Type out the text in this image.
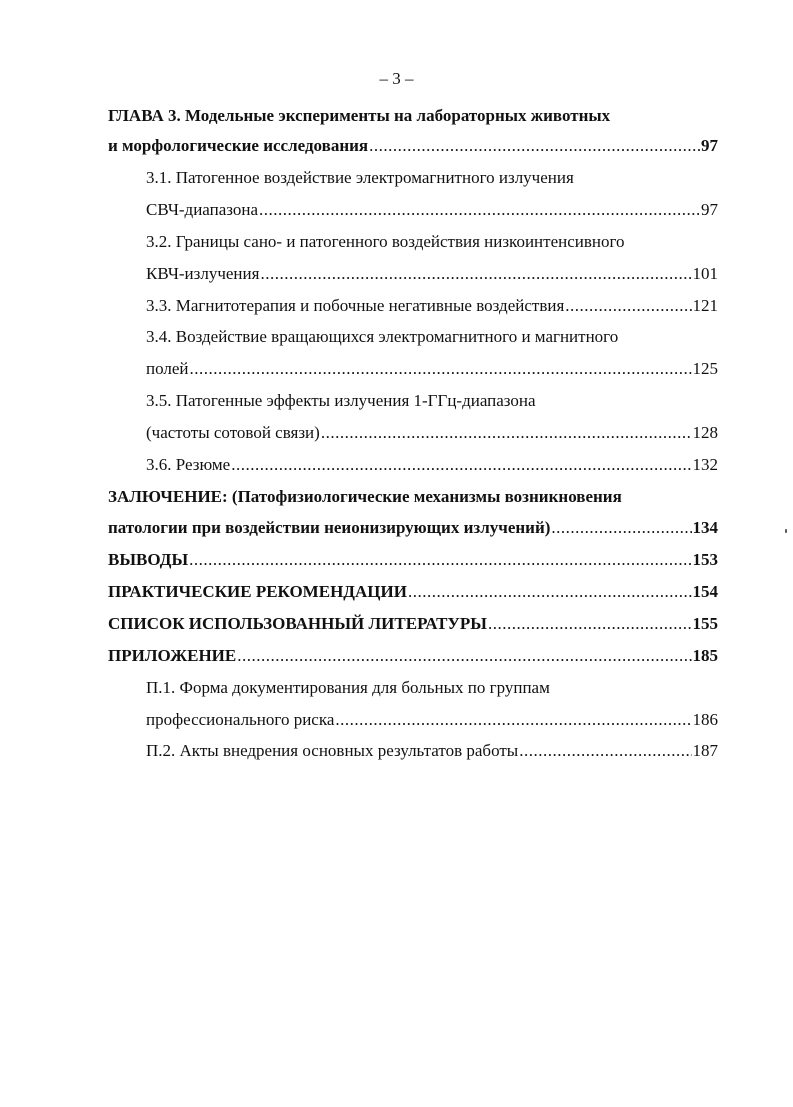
– 3 –
ГЛАВА 3. Модельные эксперименты на лабораторных животных
и морфологические исследования .....	97
3.1. Патогенное воздействие электромагнитного излучения
СВЧ-диапазона .....	97
3.2. Границы сано- и патогенного воздействия низкоинтенсивного
КВЧ-излучения .....	101
3.3. Магнитотерапия и побочные негативные воздействия .....	121
3.4. Воздействие вращающихся электромагнитного и магнитного
полей .....	125
3.5. Патогенные эффекты излучения 1-ГГц-диапазона
(частоты сотовой связи) .....	128
3.6. Резюме .....	132
ЗАЛЮЧЕНИЕ: (Патофизиологические механизмы возникновения
патологии при воздействии неионизирующих излучений) .....	134
ВЫВОДЫ .....	153
ПРАКТИЧЕСКИЕ РЕКОМЕНДАЦИИ .....	154
СПИСОК ИСПОЛЬЗОВАННЫЙ ЛИТЕРАТУРЫ .....	155
ПРИЛОЖЕНИЕ .....	185
П.1. Форма документирования для больных по группам
профессионального риска .....	186
П.2. Акты внедрения основных результатов работы .....	187
